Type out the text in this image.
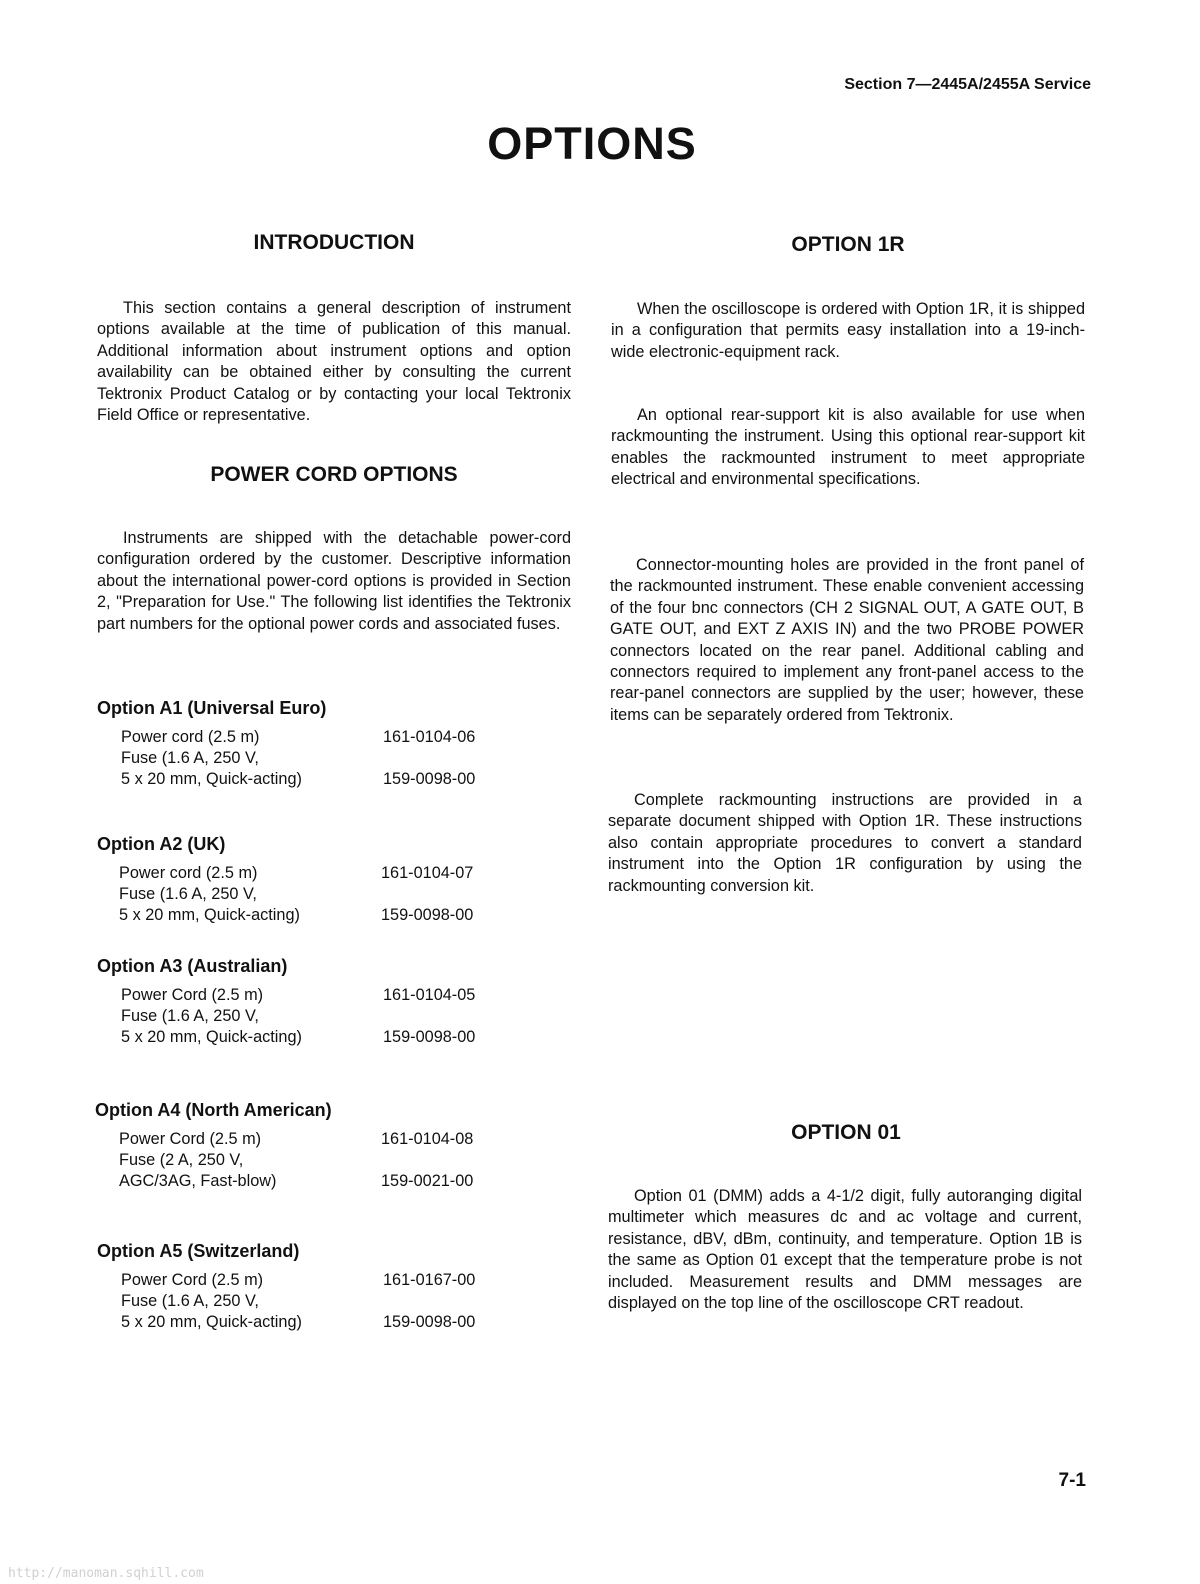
Section 7—2445A/2455A Service
OPTIONS
INTRODUCTION

This section contains a general description of instrument options available at the time of publication of this manual. Additional information about instrument options and option availability can be obtained either by consulting the current Tektronix Product Catalog or by contacting your local Tektronix Field Office or representative.

POWER CORD OPTIONS

Instruments are shipped with the detachable power-cord configuration ordered by the customer. Descriptive information about the international power-cord options is provided in Section 2, "Preparation for Use." The following list identifies the Tektronix part numbers for the optional power cords and associated fuses.

Option A1 (Universal Euro)
Power cord (2.5 m)	161-0104-06
Fuse (1.6 A, 250 V,
5 x 20 mm, Quick-acting)	159-0098-00
Option A2 (UK)
Power cord (2.5 m)	161-0104-07
Fuse (1.6 A, 250 V,
5 x 20 mm, Quick-acting)	159-0098-00
Option A3 (Australian)
Power Cord (2.5 m)	161-0104-05
Fuse (1.6 A, 250 V,
5 x 20 mm, Quick-acting)	159-0098-00
Option A4 (North American)
Power Cord (2.5 m)	161-0104-08
Fuse (2 A, 250 V,
AGC/3AG, Fast-blow)	159-0021-00
Option A5 (Switzerland)
Power Cord (2.5 m)	161-0167-00
Fuse (1.6 A, 250 V,
5 x 20 mm, Quick-acting)	159-0098-00
OPTION 1R

When the oscilloscope is ordered with Option 1R, it is shipped in a configuration that permits easy installation into a 19-inch-wide electronic-equipment rack.

An optional rear-support kit is also available for use when rackmounting the instrument. Using this optional rear-support kit enables the rackmounted instrument to meet appropriate electrical and environmental specifications.

Connector-mounting holes are provided in the front panel of the rackmounted instrument. These enable convenient accessing of the four bnc connectors (CH 2 SIGNAL OUT, A GATE OUT, B GATE OUT, and EXT Z AXIS IN) and the two PROBE POWER connectors located on the rear panel. Additional cabling and connectors required to implement any front-panel access to the rear-panel connectors are supplied by the user; however, these items can be separately ordered from Tektronix.

Complete rackmounting instructions are provided in a separate document shipped with Option 1R. These instructions also contain appropriate procedures to convert a standard instrument into the Option 1R configuration by using the rackmounting conversion kit.

OPTION 01

Option 01 (DMM) adds a 4-1/2 digit, fully autoranging digital multimeter which measures dc and ac voltage and current, resistance, dBV, dBm, continuity, and temperature. Option 1B is the same as Option 01 except that the temperature probe is not included. Measurement results and DMM messages are displayed on the top line of the oscilloscope CRT readout.

7-1
http://manoman.sqhill.com
